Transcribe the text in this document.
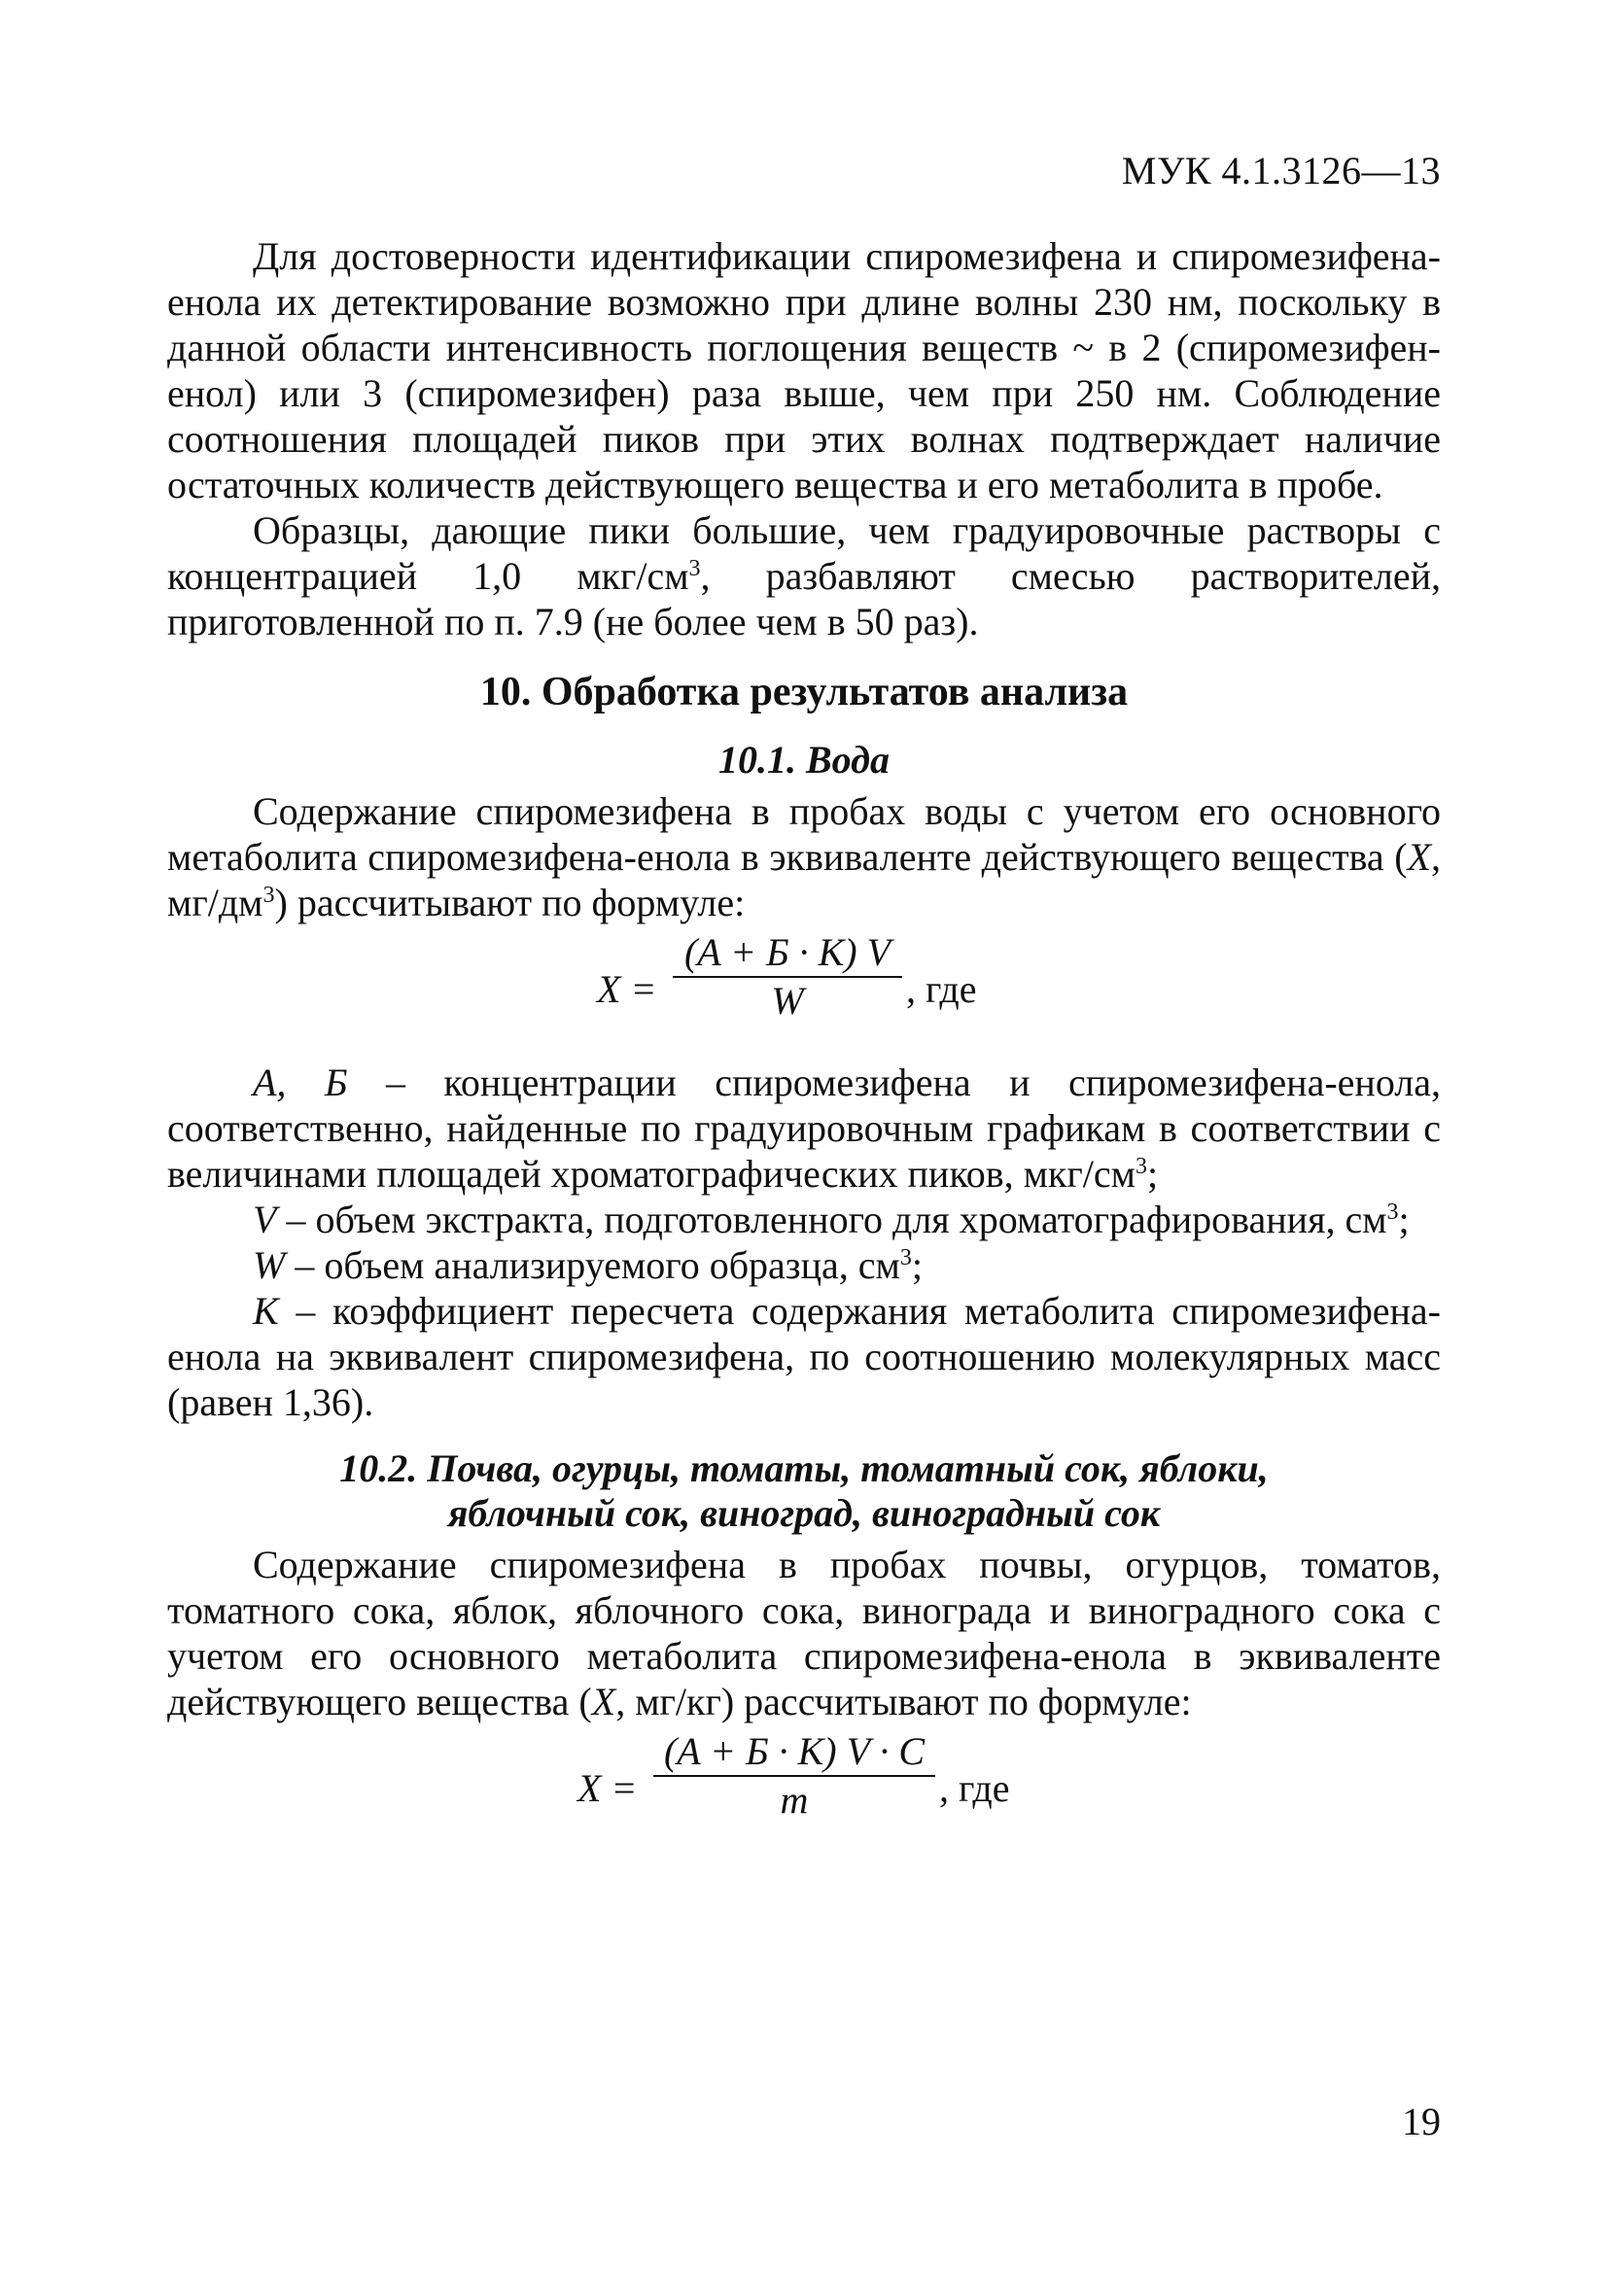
МУК 4.1.3126—13

Для достоверности идентификации спиромезифена и спиромезифена-енола их детектирование возможно при длине волны 230 нм, поскольку в данной области интенсивность поглощения веществ ~ в 2 (спиромезифен-енол) или 3 (спиромезифен) раза выше, чем при 250 нм. Соблюдение соотношения площадей пиков при этих волнах подтверждает наличие остаточных количеств действующего вещества и его метаболита в пробе.

Образцы, дающие пики большие, чем градуировочные растворы с концентрацией 1,0 мкг/$см^3$, разбавляют смесью растворителей, приготовленной по п. 7.9 (не более чем в 50 раз).

10. Обработка результатов анализа
10.1. Вода

Содержание спиромезифена в пробах воды с учетом его основного метаболита спиромезифена-енола в эквиваленте действующего вещества (X, $мг/дм^3$) рассчитывают по формуле:

X =
(A + Б · K) V
W	, где

A, Б – концентрации спиромезифена и спиромезифена-енола, соответственно, найденные по градуировочным графикам в соответствии с величинами площадей хроматографических пиков, мкг/$см^3$;

V – объем экстракта, подготовленного для хроматографирования, $см^3$;

W – объем анализируемого образца, $см^3$;

K – коэффициент пересчета содержания метаболита спиромезифена-енола на эквивалент спиромезифена, по соотношению молекулярных масс (равен 1,36).

10.2. Почва, огурцы, томаты, томатный сок, яблоки,
яблочный сок, виноград, виноградный сок

Содержание спиромезифена в пробах почвы, огурцов, томатов, томатного сока, яблок, яблочного сока, винограда и виноградного сока с учетом его основного метаболита спиромезифена-енола в эквиваленте действующего вещества (X, мг/кг) рассчитывают по формуле:

X =
(A + Б · K) V · C
m	, где
19
